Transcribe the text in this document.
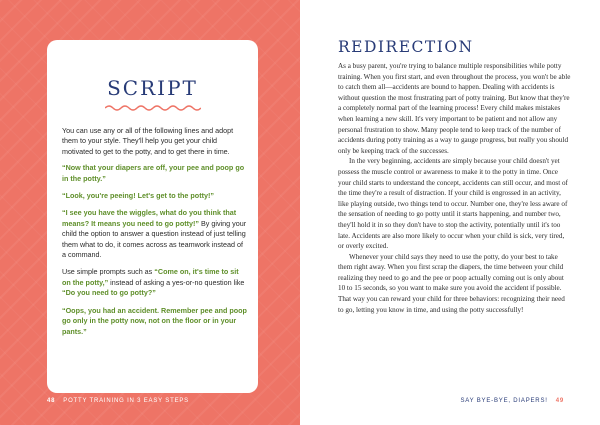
SCRIPT

You can use any or all of the following lines and adopt them to your style. They'll help you get your child motivated to get to the potty, and to get there in time.

“Now that your diapers are off, your pee and poop go in the potty.”

“Look, you're peeing! Let's get to the potty!”

“I see you have the wiggles, what do you think that means? It means you need to go potty!” By giving your child the option to answer a question instead of just telling them what to do, it comes across as teamwork instead of a command.

Use simple prompts such as “Come on, it's time to sit on the potty,” instead of asking a yes-or-no question like “Do you need to go potty?”

“Oops, you had an accident. Remember pee and poop go only in the potty now, not on the floor or in your pants.”

48 POTTY TRAINING IN 3 EASY STEPS
REDIRECTION

As a busy parent, you're trying to balance multiple responsibilities while potty training. When you first start, and even throughout the process, you won't be able to catch them all—accidents are bound to happen. Dealing with accidents is without question the most frustrating part of potty training. But know that they're a completely normal part of the learning process! Every child makes mistakes when learning a new skill. It's very important to be patient and not allow any personal frustration to show. Many people tend to keep track of the number of accidents during potty training as a way to gauge progress, but really you should only be keeping track of the successes.

In the very beginning, accidents are simply because your child doesn't yet possess the muscle control or awareness to make it to the potty in time. Once your child starts to understand the concept, accidents can still occur, and most of the time they're a result of distraction. If your child is engrossed in an activity, like playing outside, two things tend to occur. Number one, they're less aware of the sensation of needing to go potty until it starts happening, and number two, they'll hold it in so they don't have to stop the activity, potentially until it's too late. Accidents are also more likely to occur when your child is sick, very tired, or overly excited.

Whenever your child says they need to use the potty, do your best to take them right away. When you first scrap the diapers, the time between your child realizing they need to go and the pee or poop actually coming out is only about 10 to 15 seconds, so you want to make sure you avoid the accident if possible. That way you can reward your child for three behaviors: recognizing their need to go, letting you know in time, and using the potty successfully!

SAY BYE-BYE, DIAPERS! 49
